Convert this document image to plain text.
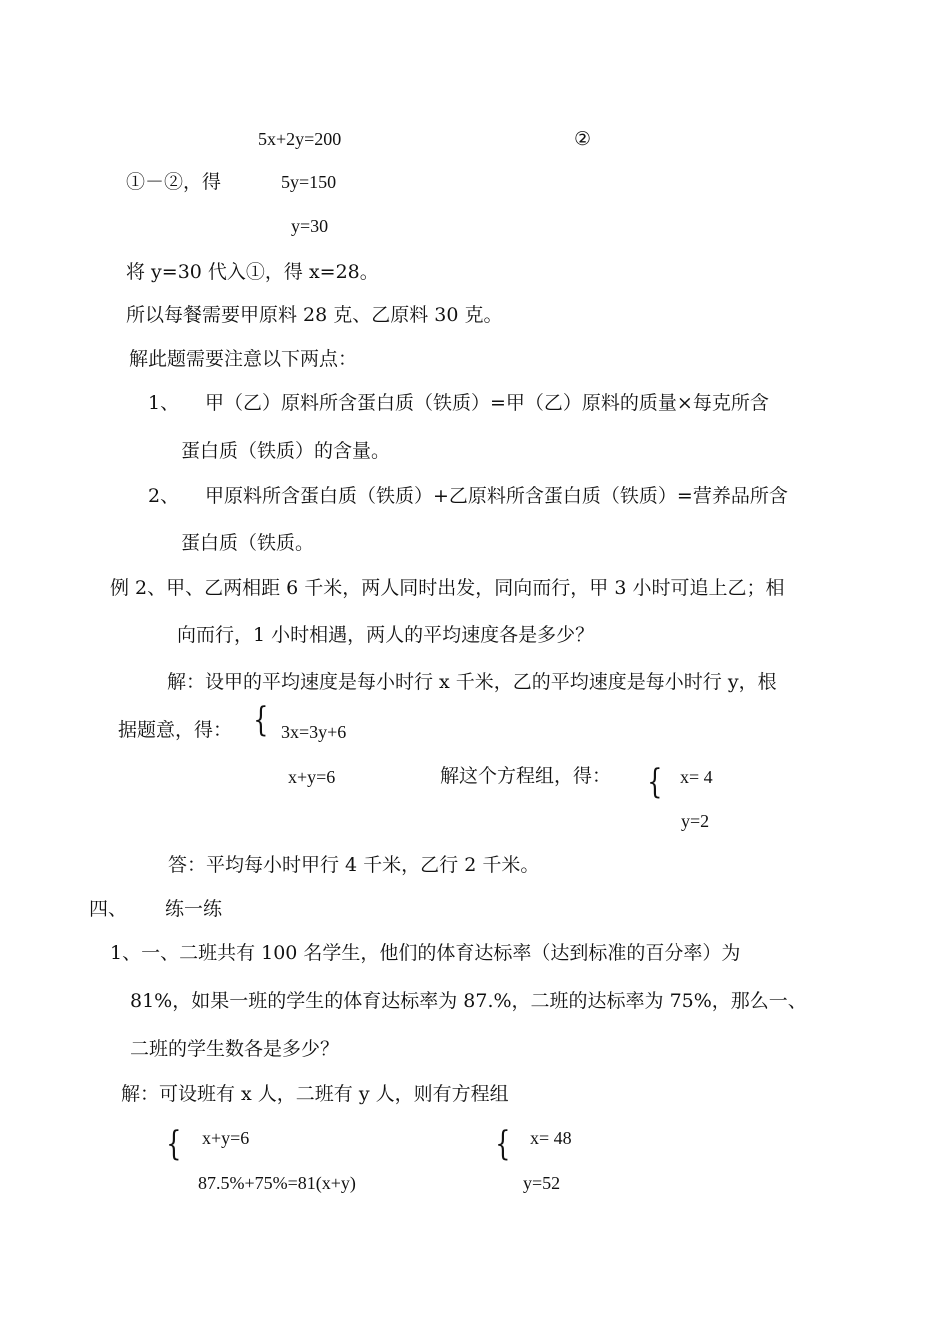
5x+2y=200	②
①－②，得	5y=150
y=30
将 y=30 代入①，得 x=28。
所以每餐需要甲原料 28 克、乙原料 30 克。
解此题需要注意以下两点：
1、 甲（乙）原料所含蛋白质（铁质）=甲（乙）原料的质量×每克所含
蛋白质（铁质）的含量。
2、 甲原料所含蛋白质（铁质）+乙原料所含蛋白质（铁质）=营养品所含
蛋白质（铁质。
例 2、甲、乙两相距 6 千米，两人同时出发，同向而行，甲 3 小时可追上乙；相
向而行，1 小时相遇，两人的平均速度各是多少？
解：设甲的平均速度是每小时行 x 千米，乙的平均速度是每小时行 y，根
据题意，得： { 3x=3y+6
x+y=6	解这个方程组，得： { x= 4
y=2
答：平均每小时甲行 4 千米，乙行 2 千米。
四、 练一练
1、一、二班共有 100 名学生，他们的体育达标率（达到标准的百分率）为
81%，如果一班的学生的体育达标率为 87.%，二班的达标率为 75%，那么一、
二班的学生数各是多少？
解：可设班有 x 人，二班有 y 人，则有方程组
{ x+y=6
87.5%+75%=81(x+y)
{ x= 48
y=52
